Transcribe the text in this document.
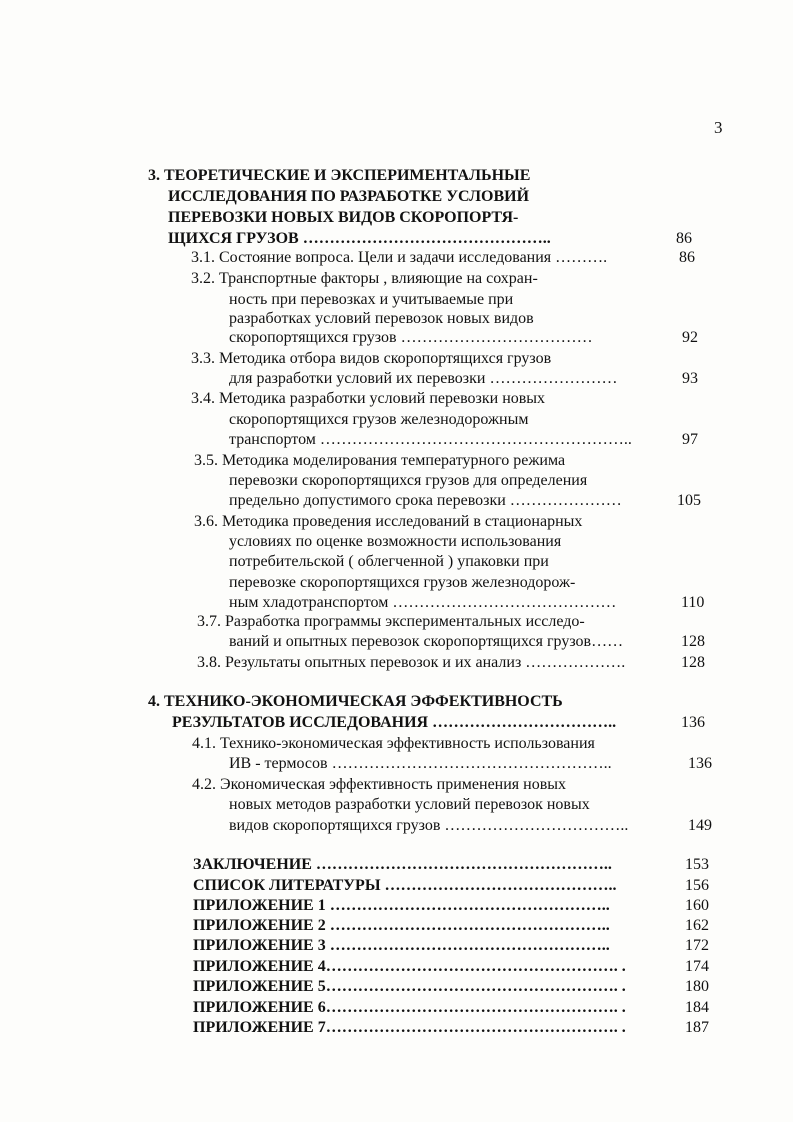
3
3. ТЕОРЕТИЧЕСКИЕ И ЭКСПЕРИМЕНТАЛЬНЫЕ
ИССЛЕДОВАНИЯ ПО РАЗРАБОТКЕ УСЛОВИЙ
ПЕРЕВОЗКИ НОВЫХ ВИДОВ СКОРОПОРТЯ-
ЩИХСЯ ГРУЗОВ ………………………………………..	86
3.1. Состояние вопроса. Цели и задачи исследования ……….	86
3.2. Транспортные факторы , влияющие на сохран-
ность при перевозках и учитываемые при
разработках условий перевозок новых видов
скоропортящихся грузов ………………………………	92
3.3. Методика отбора видов скоропортящихся грузов
для разработки условий их перевозки ……………………	93
3.4. Методика разработки условий перевозки новых
скоропортящихся грузов железнодорожным
транспортом …………………………………………………..	97
3.5. Методика моделирования температурного режима
перевозки скоропортящихся грузов для определения
предельно допустимого срока перевозки …………………	105
3.6. Методика проведения исследований в стационарных
условиях по оценке возможности использования
потребительской ( облегченной ) упаковки при
перевозке скоропортящихся грузов железнодорож-
ным хладотранспортом ……………………………………	110
3.7. Разработка программы экспериментальных исследо-
ваний и опытных перевозок скоропортящихся грузов……	128
3.8. Результаты опытных перевозок и их анализ ……………….	128
4. ТЕХНИКО-ЭКОНОМИЧЕСКАЯ ЭФФЕКТИВНОСТЬ
РЕЗУЛЬТАТОВ ИССЛЕДОВАНИЯ ……………………………..	136
4.1. Технико-экономическая эффективность использования
ИВ - термосов ……………………………………………..	136
4.2. Экономическая эффективность применения новых
новых методов разработки условий перевозок новых
видов скоропортящихся грузов ……………………………..	149
ЗАКЛЮЧЕНИЕ ………………………………………………..	153
СПИСОК ЛИТЕРАТУРЫ ……………………………………..	156
ПРИЛОЖЕНИЕ 1 ……………………………………………..	160
ПРИЛОЖЕНИЕ 2 ……………………………………………..	162
ПРИЛОЖЕНИЕ 3 ……………………………………………..	172
ПРИЛОЖЕНИЕ 4………………………………………………. .	174
ПРИЛОЖЕНИЕ 5………………………………………………. .	180
ПРИЛОЖЕНИЕ 6………………………………………………. .	184
ПРИЛОЖЕНИЕ 7………………………………………………. .	187
